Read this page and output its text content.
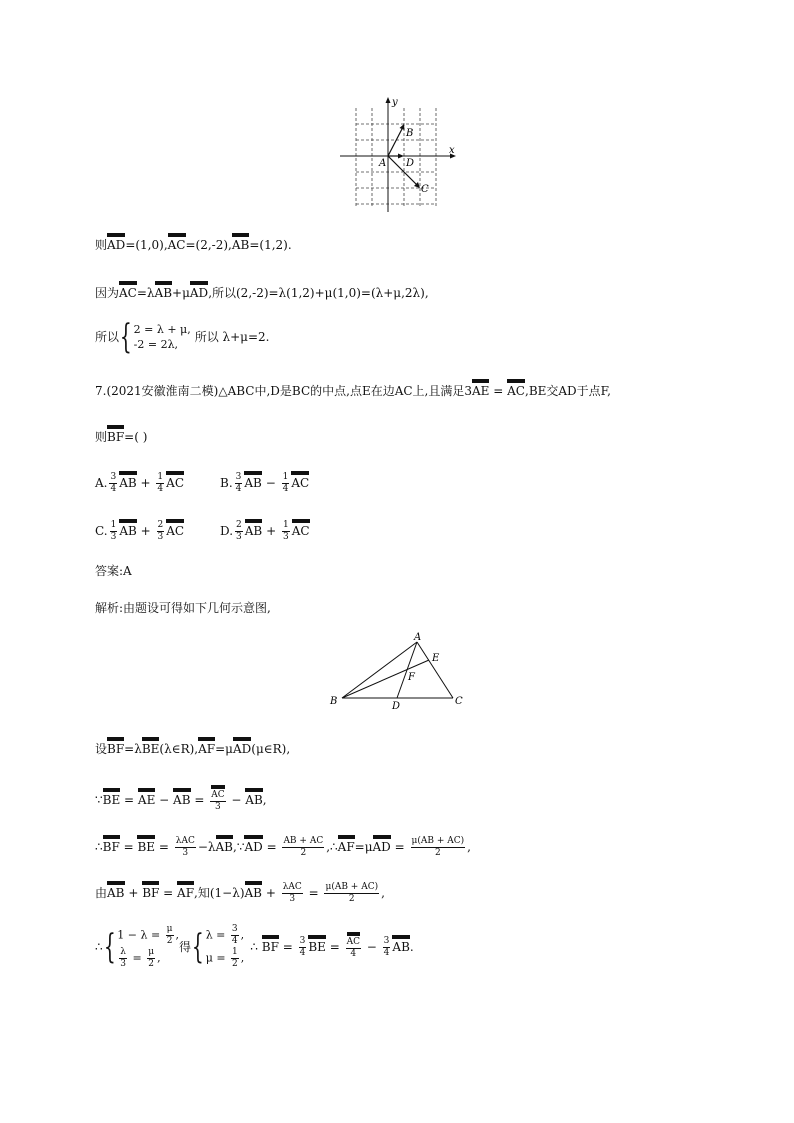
y
x
A
B
C
D
则AD=(1,0),AC=(2,-2),AB=(1,2).
因为AC=λAB+μAD,所以(2,-2)=λ(1,2)+μ(1,0)=(λ+μ,2λ),
所以{ 2 = λ + μ,
-2 = 2λ,
所以 λ+μ=2.
7.(2021安徽淮南二模)△ABC中,D是BC的中点,点E在边AC上,且满足3AE = AC,BE交AD于点F,
则BF=( )
A. $\frac{3}{4}$ AB + $\frac{1}{4}$ AC	B. $\frac{3}{4}$ AB − $\frac{1}{4}$ AC
C. $\frac{1}{3}$ AB + $\frac{2}{3}$ AC	D. $\frac{2}{3}$ AB + $\frac{1}{3}$ AC
答案:A
解析:由题设可得如下几何示意图,
A
B	C
D
E
F
设BF=λBE(λ∈R),AF=μAD(μ∈R),
∵BE = AE − AB = $\frac{AC}{3}$ − AB,
∴BF = BE = $\frac{\text{λAC}}{3}$ −λAB,∵AD = $\frac{AB + AC}{2}$ ,∴AF=μAD = $\frac{\mu(AB + AC)}{2}$ ,
由AB + BF = AF,知$(1-\lambda)AB + \frac{\text{λAC}}{3} = \frac{\mu(AB + AC)}{2}$ ,
∴{ $1 - \lambda = \frac{\mu}{2}$ ,
$\frac{\lambda}{3} = \frac{\mu}{2}$ ,
得{ $\lambda = \frac{3}{4}$ ,
$\mu = \frac{1}{2}$ ,
∴ BF = $\frac{3}{4}$ BE = $\frac{AC}{4} - \frac{3}{4}$ AB.
